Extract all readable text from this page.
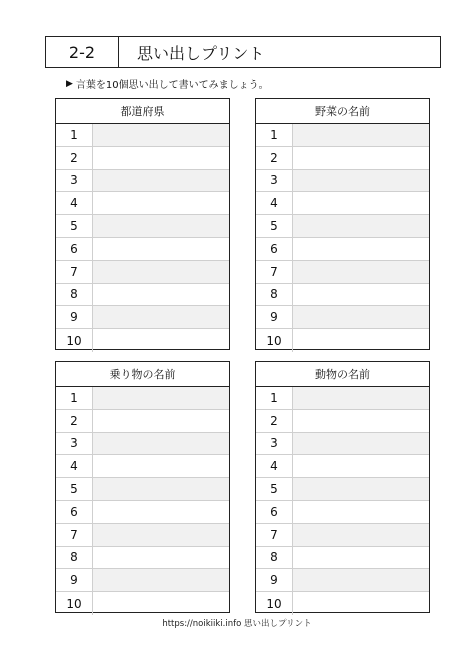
2-2	思い出しプリント
▶ 言葉を10個思い出して書いてみましょう。
都道府県
1
2
3
4
5
6
7
8
9
10
野菜の名前
1
2
3
4
5
6
7
8
9
10
乗り物の名前
1
2
3
4
5
6
7
8
9
10
動物の名前
1
2
3
4
5
6
7
8
9
10
https://noikiiki.info 思い出しプリント
